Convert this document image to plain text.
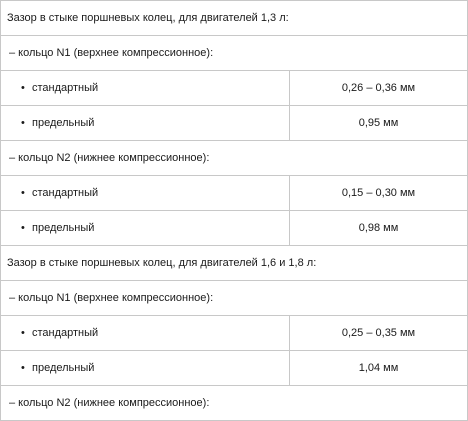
Зазор в стыке поршневых колец, для двигателей 1,3 л:	
– кольцо N1 (верхнее компрессионное):	
• стандартный	0,26 – 0,36 мм
• предельный	0,95 мм
– кольцо N2 (нижнее компрессионное):	
• стандартный	0,15 – 0,30 мм
• предельный	0,98 мм
Зазор в стыке поршневых колец, для двигателей 1,6 и 1,8 л:	
– кольцо N1 (верхнее компрессионное):	
• стандартный	0,25 – 0,35 мм
• предельный	1,04 мм
– кольцо N2 (нижнее компрессионное):	
